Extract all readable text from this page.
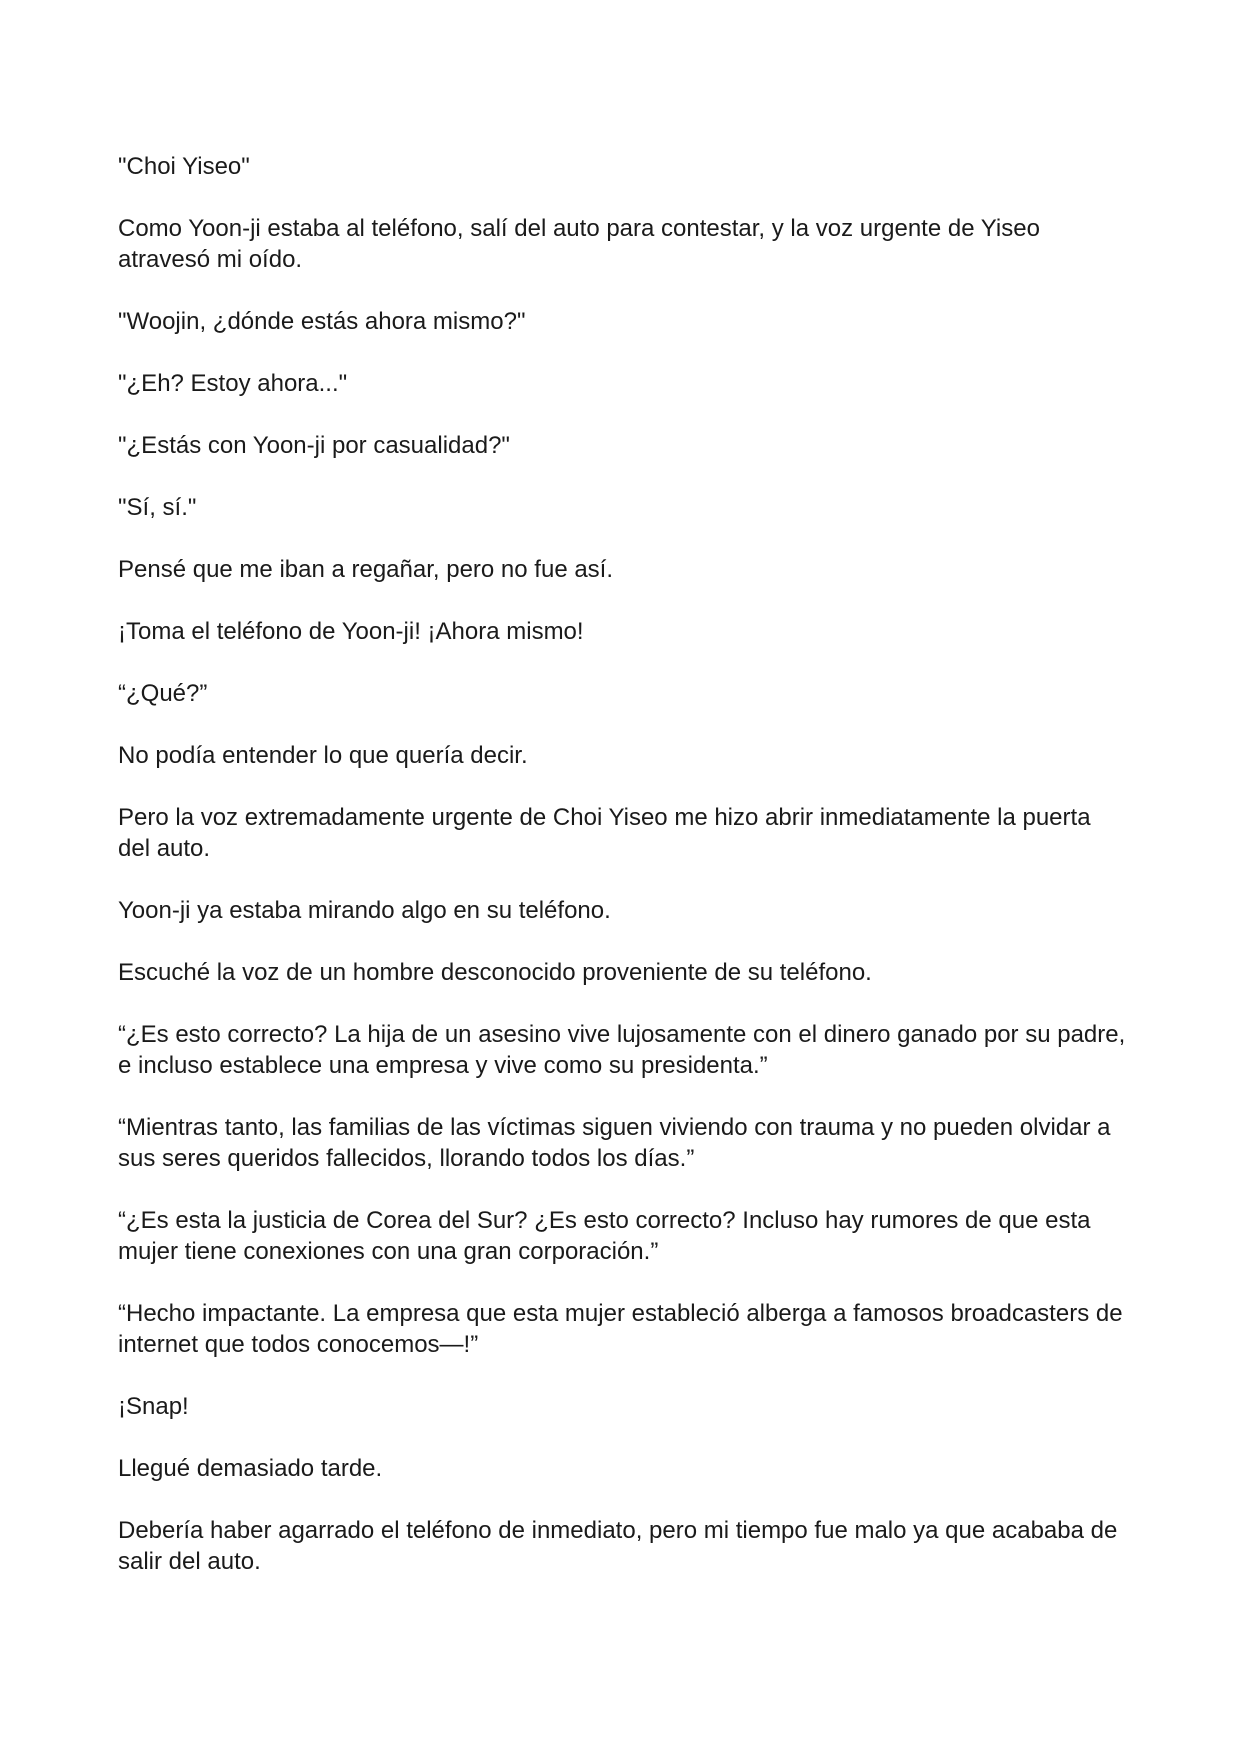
"Choi Yiseo"

Como Yoon-ji estaba al teléfono, salí del auto para contestar, y la voz urgente de Yiseo atravesó mi oído.

"Woojin, ¿dónde estás ahora mismo?"

"¿Eh? Estoy ahora..."

"¿Estás con Yoon-ji por casualidad?"

"Sí, sí."

Pensé que me iban a regañar, pero no fue así.

¡Toma el teléfono de Yoon-ji! ¡Ahora mismo!

“¿Qué?”

No podía entender lo que quería decir.

Pero la voz extremadamente urgente de Choi Yiseo me hizo abrir inmediatamente la puerta del auto.

Yoon-ji ya estaba mirando algo en su teléfono.

Escuché la voz de un hombre desconocido proveniente de su teléfono.

“¿Es esto correcto? La hija de un asesino vive lujosamente con el dinero ganado por su padre, e incluso establece una empresa y vive como su presidenta.”

“Mientras tanto, las familias de las víctimas siguen viviendo con trauma y no pueden olvidar a sus seres queridos fallecidos, llorando todos los días.”

“¿Es esta la justicia de Corea del Sur? ¿Es esto correcto? Incluso hay rumores de que esta mujer tiene conexiones con una gran corporación.”

“Hecho impactante. La empresa que esta mujer estableció alberga a famosos broadcasters de internet que todos conocemos—!”

¡Snap!

Llegué demasiado tarde.

Debería haber agarrado el teléfono de inmediato, pero mi tiempo fue malo ya que acababa de salir del auto.
